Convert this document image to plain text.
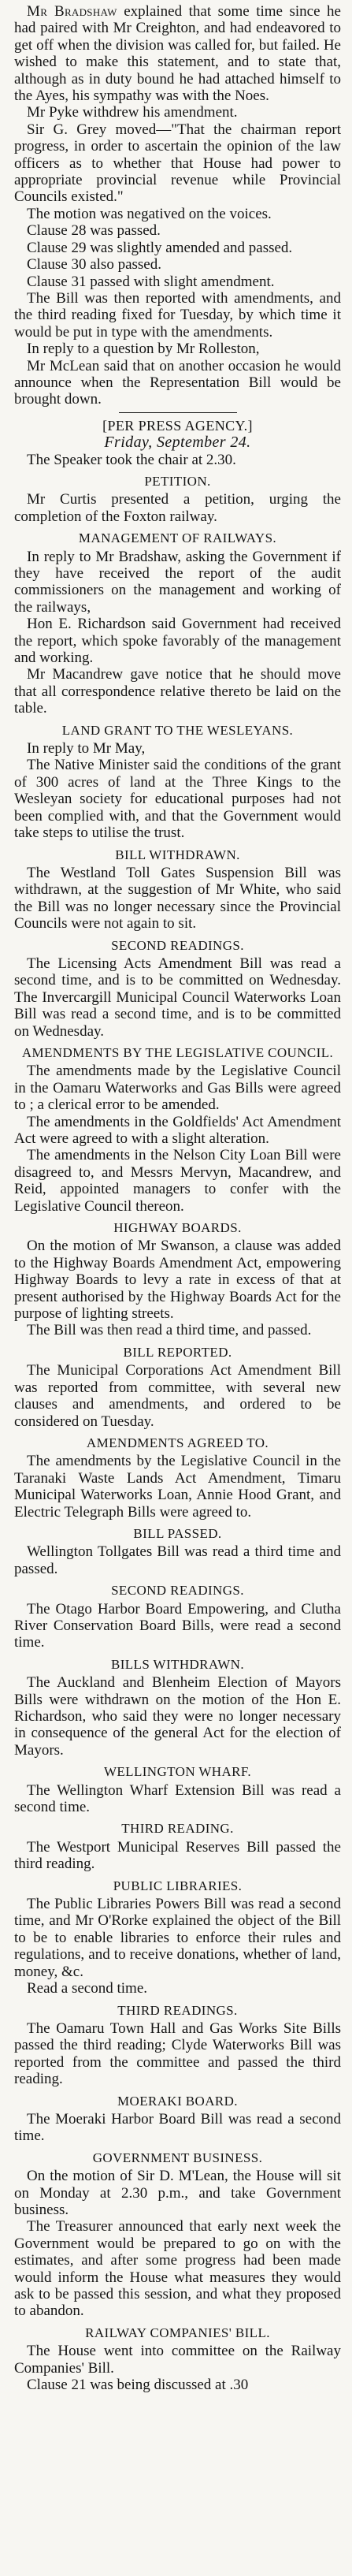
Mr Bradshaw explained that some time since he had paired with Mr Creighton, and had endeavored to get off when the division was called for, but failed. He wished to make this statement, and to state that, although as in duty bound he had attached himself to the Ayes, his sympathy was with the Noes.

Mr Pyke withdrew his amendment.

Sir G. Grey moved—"That the chairman report progress, in order to ascertain the opinion of the law officers as to whether that House had power to appropriate provincial revenue while Provincial Councils existed."

The motion was negatived on the voices.

Clause 28 was passed.

Clause 29 was slightly amended and passed.

Clause 30 also passed.

Clause 31 passed with slight amendment.

The Bill was then reported with amendments, and the third reading fixed for Tuesday, by which time it would be put in type with the amendments.

In reply to a question by Mr Rolleston,

Mr McLean said that on another occasion he would announce when the Representation Bill would be brought down.

[PER PRESS AGENCY.]

Friday, September 24.

The Speaker took the chair at 2.30.

PETITION.

Mr Curtis presented a petition, urging the completion of the Foxton railway.

MANAGEMENT OF RAILWAYS.

In reply to Mr Bradshaw, asking the Government if they have received the report of the audit commissioners on the management and working of the railways,

Hon E. Richardson said Government had received the report, which spoke favorably of the management and working.

Mr Macandrew gave notice that he should move that all correspondence relative thereto be laid on the table.

LAND GRANT TO THE WESLEYANS.

In reply to Mr May,

The Native Minister said the conditions of the grant of 300 acres of land at the Three Kings to the Wesleyan society for educational purposes had not been complied with, and that the Government would take steps to utilise the trust.

BILL WITHDRAWN.

The Westland Toll Gates Suspension Bill was withdrawn, at the suggestion of Mr White, who said the Bill was no longer necessary since the Provincial Councils were not again to sit.

SECOND READINGS.

The Licensing Acts Amendment Bill was read a second time, and is to be committed on Wednesday. The Invercargill Municipal Council Waterworks Loan Bill was read a second time, and is to be committed on Wednesday.

AMENDMENTS BY THE LEGISLATIVE COUNCIL.

The amendments made by the Legislative Council in the Oamaru Waterworks and Gas Bills were agreed to ; a clerical error to be amended.

The amendments in the Goldfields' Act Amendment Act were agreed to with a slight alteration.

The amendments in the Nelson City Loan Bill were disagreed to, and Messrs Mervyn, Macandrew, and Reid, appointed managers to confer with the Legislative Council thereon.

HIGHWAY BOARDS.

On the motion of Mr Swanson, a clause was added to the Highway Boards Amendment Act, empowering Highway Boards to levy a rate in excess of that at present authorised by the Highway Boards Act for the purpose of lighting streets.

The Bill was then read a third time, and passed.

BILL REPORTED.

The Municipal Corporations Act Amendment Bill was reported from committee, with several new clauses and amendments, and ordered to be considered on Tuesday.

AMENDMENTS AGREED TO.

The amendments by the Legislative Council in the Taranaki Waste Lands Act Amendment, Timaru Municipal Waterworks Loan, Annie Hood Grant, and Electric Telegraph Bills were agreed to.

BILL PASSED.

Wellington Tollgates Bill was read a third time and passed.

SECOND READINGS.

The Otago Harbor Board Empowering, and Clutha River Conservation Board Bills, were read a second time.

BILLS WITHDRAWN.

The Auckland and Blenheim Election of Mayors Bills were withdrawn on the motion of the Hon E. Richardson, who said they were no longer necessary in consequence of the general Act for the election of Mayors.

WELLINGTON WHARF.

The Wellington Wharf Extension Bill was read a second time.

THIRD READING.

The Westport Municipal Reserves Bill passed the third reading.

PUBLIC LIBRARIES.

The Public Libraries Powers Bill was read a second time, and Mr O'Rorke explained the object of the Bill to be to enable libraries to enforce their rules and regulations, and to receive donations, whether of land, money, &c.

Read a second time.

THIRD READINGS.

The Oamaru Town Hall and Gas Works Site Bills passed the third reading; Clyde Waterworks Bill was reported from the committee and passed the third reading.

MOERAKI BOARD.

The Moeraki Harbor Board Bill was read a second time.

GOVERNMENT BUSINESS.

On the motion of Sir D. M'Lean, the House will sit on Monday at 2.30 p.m., and take Government business.

The Treasurer announced that early next week the Government would be prepared to go on with the estimates, and after some progress had been made would inform the House what measures they would ask to be passed this session, and what they proposed to abandon.

RAILWAY COMPANIES' BILL.

The House went into committee on the Railway Companies' Bill.

Clause 21 was being discussed at .30
